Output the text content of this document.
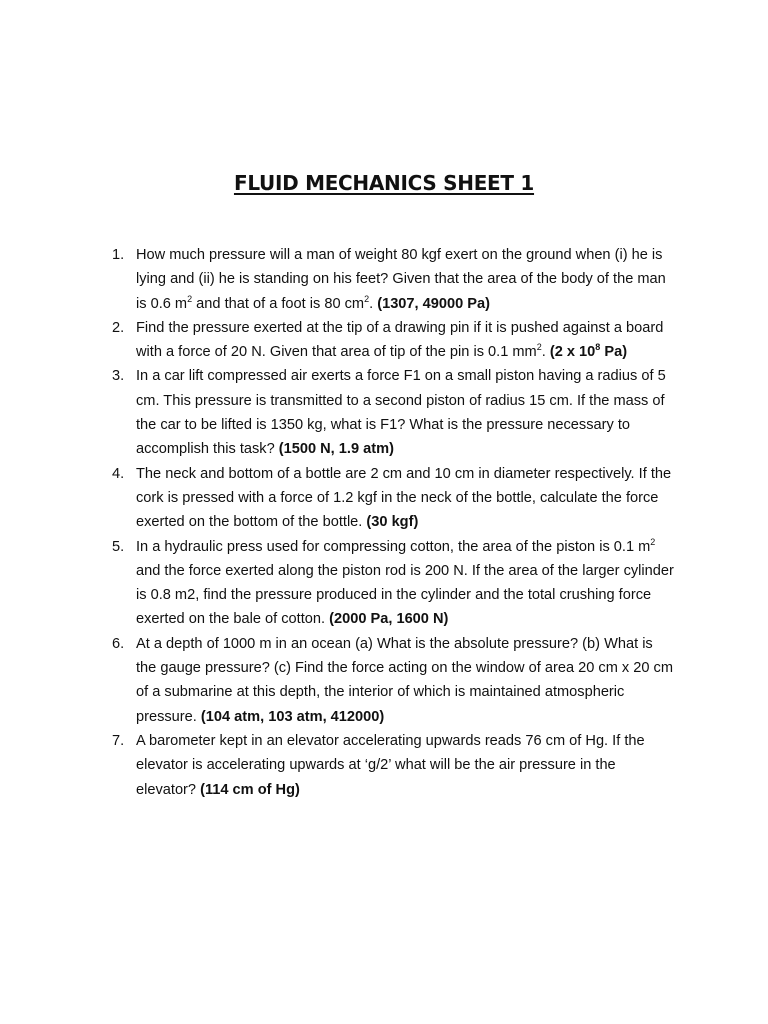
FLUID MECHANICS SHEET 1
1. How much pressure will a man of weight 80 kgf exert on the ground when (i) he is lying and (ii) he is standing on his feet? Given that the area of the body of the man is 0.6 $m^2$ and that of a foot is 80 $cm^2$. (1307, 49000 Pa)
2. Find the pressure exerted at the tip of a drawing pin if it is pushed against a board with a force of 20 N. Given that area of tip of the pin is 0.1 $mm^2$. (2 x $10^8$ Pa)
3. In a car lift compressed air exerts a force F1 on a small piston having a radius of 5 cm. This pressure is transmitted to a second piston of radius 15 cm. If the mass of the car to be lifted is 1350 kg, what is F1? What is the pressure necessary to accomplish this task? (1500 N, 1.9 atm)
4. The neck and bottom of a bottle are 2 cm and 10 cm in diameter respectively. If the cork is pressed with a force of 1.2 kgf in the neck of the bottle, calculate the force exerted on the bottom of the bottle. (30 kgf)
5. In a hydraulic press used for compressing cotton, the area of the piston is 0.1 $m^2$ and the force exerted along the piston rod is 200 N. If the area of the larger cylinder is 0.8 m2, find the pressure produced in the cylinder and the total crushing force exerted on the bale of cotton. (2000 Pa, 1600 N)
6. At a depth of 1000 m in an ocean (a) What is the absolute pressure? (b) What is the gauge pressure? (c) Find the force acting on the window of area 20 cm x 20 cm of a submarine at this depth, the interior of which is maintained atmospheric pressure. (104 atm, 103 atm, 412000)
7. A barometer kept in an elevator accelerating upwards reads 76 cm of Hg. If the elevator is accelerating upwards at ‘g/2’ what will be the air pressure in the elevator? (114 cm of Hg)
